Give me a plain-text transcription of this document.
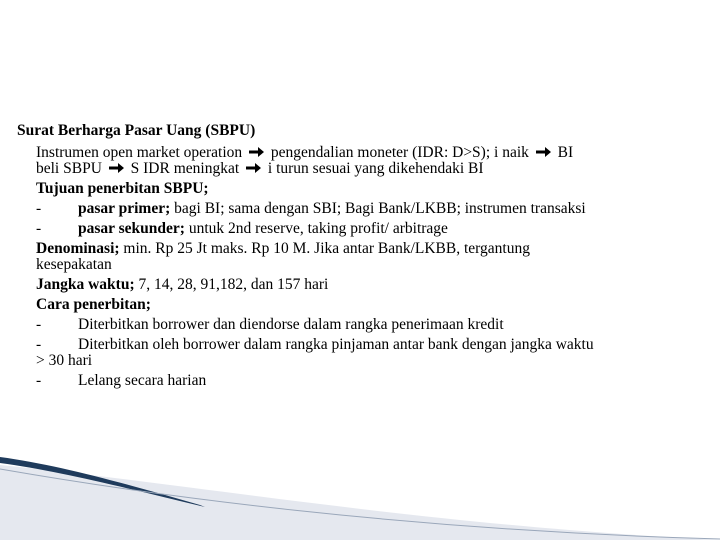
Surat Berharga Pasar Uang (SBPU)
Instrumen open market operation pengendalian moneter (IDR: D>S); i naik BI beli SBPU S IDR meningkat i turun sesuai yang dikehendaki BI
Tujuan penerbitan SBPU;
- pasar primer; bagi BI; sama dengan SBI; Bagi Bank/LKBB; instrumen transaksi
- pasar sekunder; untuk 2nd reserve, taking profit/ arbitrage
Denominasi; min. Rp 25 Jt maks. Rp 10 M. Jika antar Bank/LKBB, tergantung kesepakatan
Jangka waktu; 7, 14, 28, 91,182, dan 157 hari
Cara penerbitan;
- Diterbitkan borrower dan diendorse dalam rangka penerimaan kredit
- Diterbitkan oleh borrower dalam rangka pinjaman antar bank dengan jangka waktu > 30 hari
- Lelang secara harian
